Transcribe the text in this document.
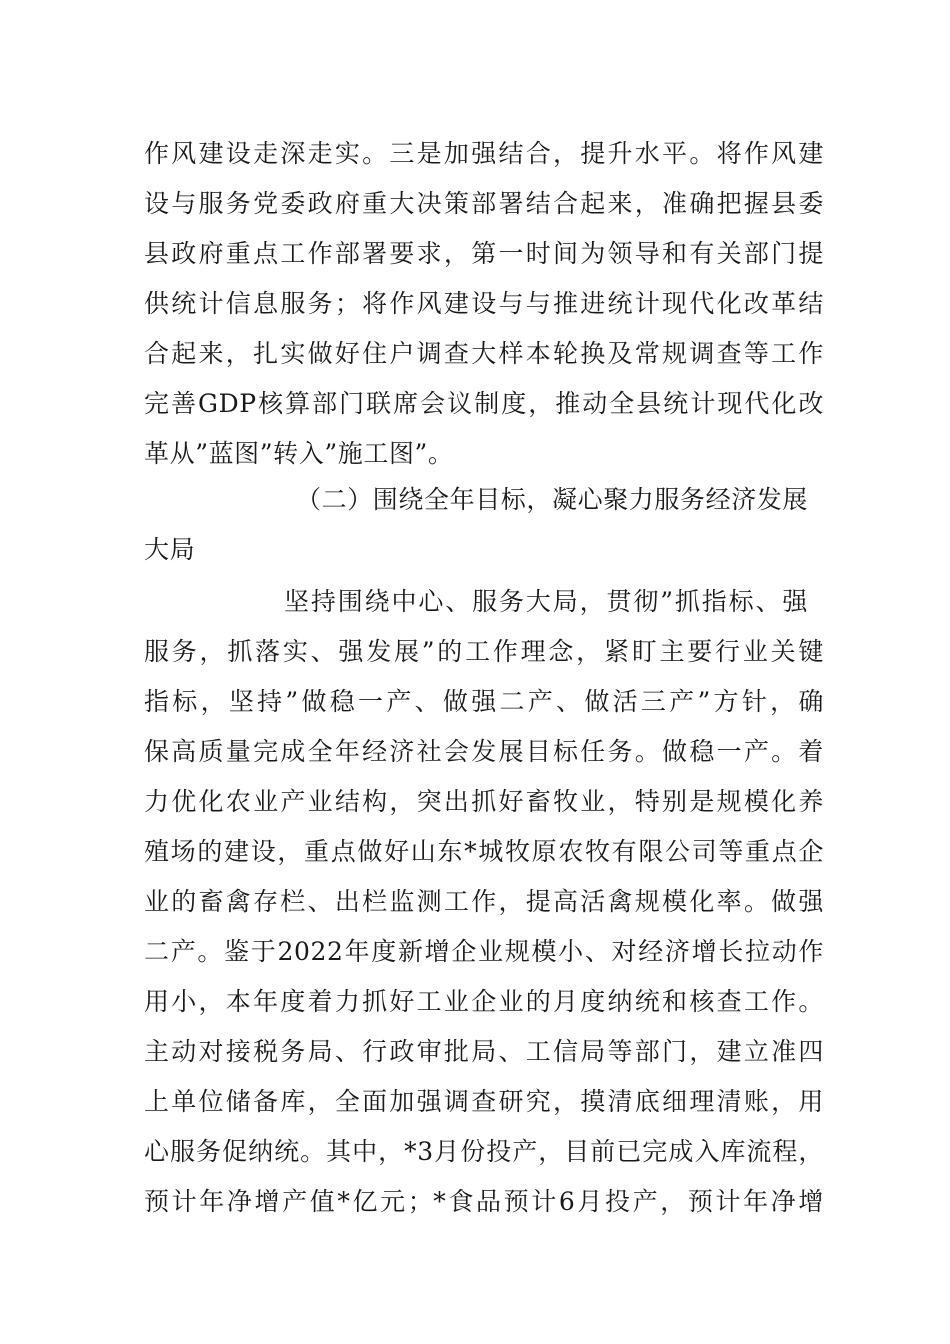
作风建设走深走实。三是加强结合，提升水平。将作风建
设与服务党委政府重大决策部署结合起来，准确把握县委
县政府重点工作部署要求，第一时间为领导和有关部门提
供统计信息服务；将作风建设与与推进统计现代化改革结
合起来，扎实做好住户调查大样本轮换及常规调查等工作
完善GDP核算部门联席会议制度，推动全县统计现代化改
革从”蓝图”转入”施工图”。
（二）围绕全年目标，凝心聚力服务经济发展
大局
坚持围绕中心、服务大局，贯彻”抓指标、强
服务，抓落实、强发展”的工作理念，紧盯主要行业关键
指标，坚持”做稳一产、做强二产、做活三产”方针，确
保高质量完成全年经济社会发展目标任务。做稳一产。着
力优化农业产业结构，突出抓好畜牧业，特别是规模化养
殖场的建设，重点做好山东*城牧原农牧有限公司等重点企
业的畜禽存栏、出栏监测工作，提高活禽规模化率。做强
二产。鉴于2022年度新增企业规模小、对经济增长拉动作
用小，本年度着力抓好工业企业的月度纳统和核查工作。
主动对接税务局、行政审批局、工信局等部门，建立准四
上单位储备库，全面加强调查研究，摸清底细理清账，用
心服务促纳统。其中，*3月份投产，目前已完成入库流程，
预计年净增产值*亿元；*食品预计6月投产，预计年净增
